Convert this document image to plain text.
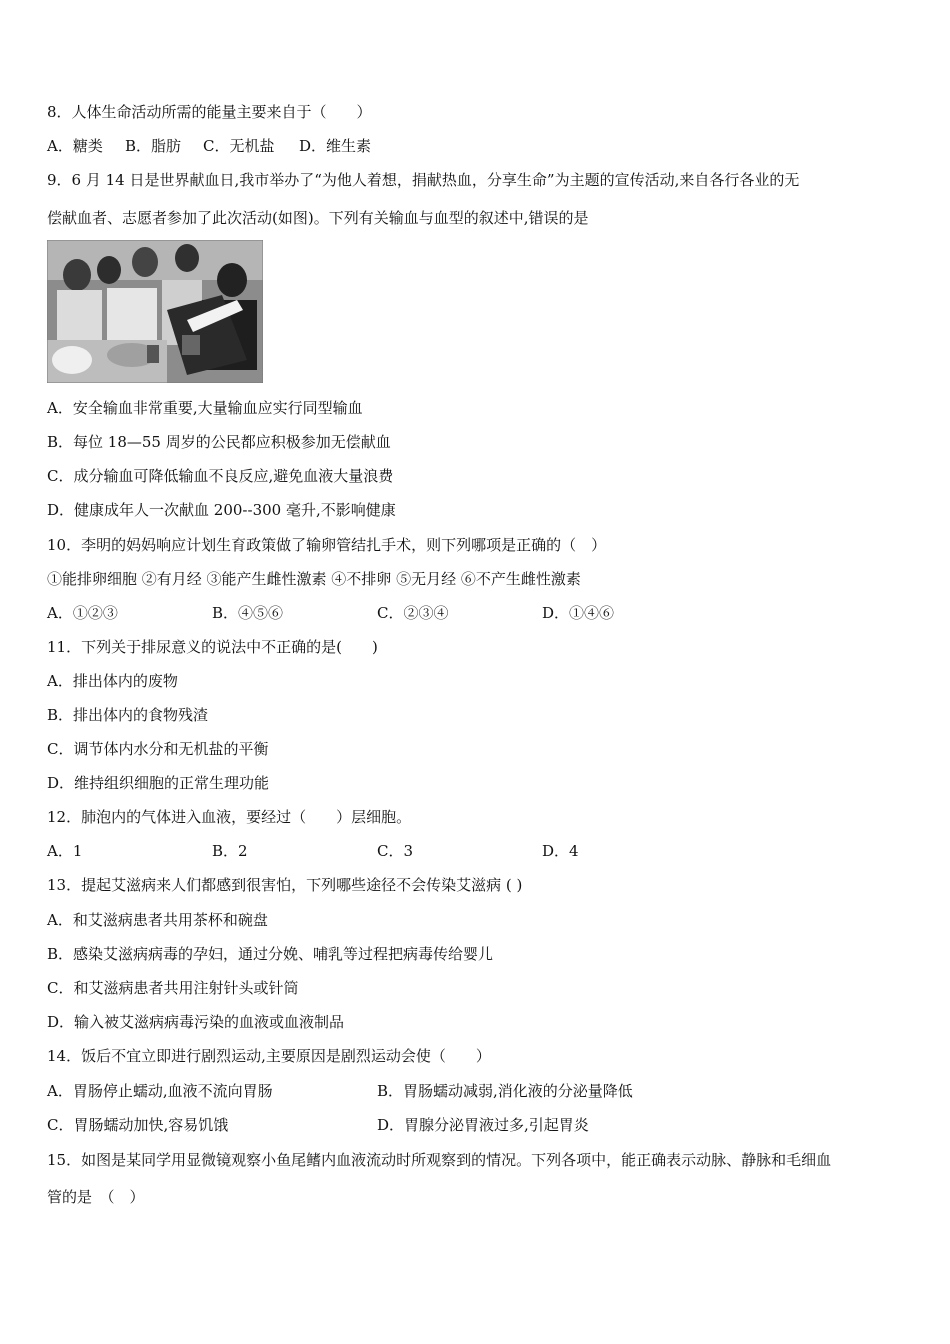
8．人体生命活动所需的能量主要来自于（　　）
A．糖类 B．脂肪 C．无机盐 D．维生素
9．6 月 14 日是世界献血日,我市举办了“为他人着想，捐献热血，分享生命”为主题的宣传活动,来自各行各业的无
偿献血者、志愿者参加了此次活动(如图)。下列有关输血与血型的叙述中,错误的是
A．安全输血非常重要,大量输血应实行同型输血
B．每位 18—55 周岁的公民都应积极参加无偿献血
C．成分输血可降低输血不良反应,避免血液大量浪费
D．健康成年人一次献血 200--300 毫升,不影响健康
10．李明的妈妈响应计划生育政策做了输卵管结扎手术，则下列哪项是正确的（　）
①能排卵细胞 ②有月经 ③能产生雌性激素 ④不排卵 ⑤无月经 ⑥不产生雌性激素
A．①②③	B．④⑤⑥	C．②③④	D．①④⑥
11．下列关于排尿意义的说法中不正确的是(　　)
A．排出体内的废物
B．排出体内的食物残渣
C．调节体内水分和无机盐的平衡
D．维持组织细胞的正常生理功能
12．肺泡内的气体进入血液，要经过（　　）层细胞。
A．1	B．2	C．3	D．4
13．提起艾滋病来人们都感到很害怕，下列哪些途径不会传染艾滋病 ( )
A．和艾滋病患者共用茶杯和碗盘
B．感染艾滋病病毒的孕妇，通过分娩、哺乳等过程把病毒传给婴儿
C．和艾滋病患者共用注射针头或针筒
D．输入被艾滋病病毒污染的血液或血液制品
14．饭后不宜立即进行剧烈运动,主要原因是剧烈运动会使（　　）
A．胃肠停止蠕动,血液不流向胃肠	B．胃肠蠕动减弱,消化液的分泌量降低
C．胃肠蠕动加快,容易饥饿	D．胃腺分泌胃液过多,引起胃炎
15．如图是某同学用显微镜观察小鱼尾鳍内血液流动时所观察到的情况。下列各项中，能正确表示动脉、静脉和毛细血
管的是　（　）
